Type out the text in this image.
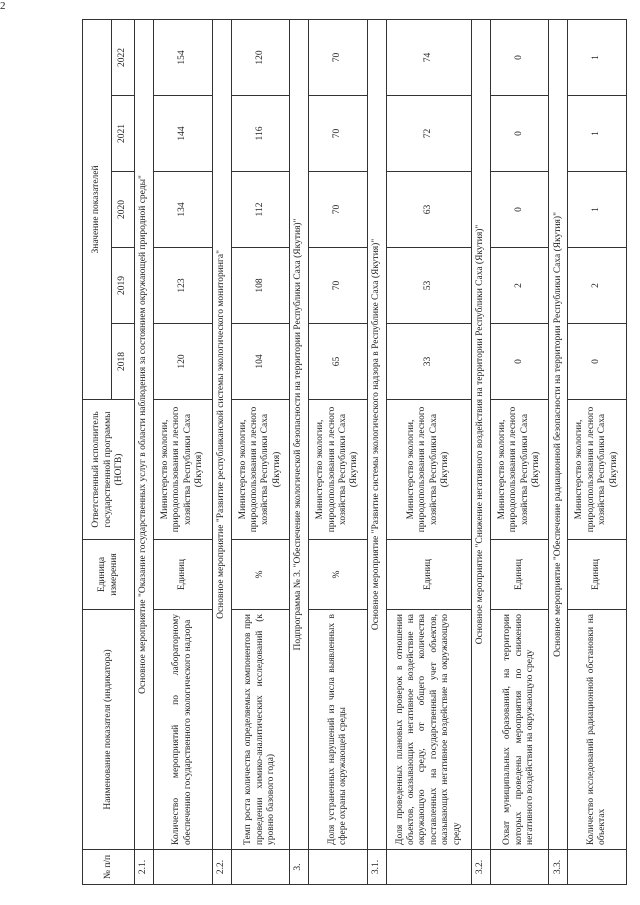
2
№ п/п	Наименование показателя (индикатора)	Единица измерения	Ответственный исполнитель государственной программы (НОГВ)	Значение показателей				
				2018	2019	2020	2021	2022
2.1.	Основное мероприятие "Оказание государственных услуг в области наблюдения за состоянием окружающей природной среды"							
	Количество мероприятий по лабораторному обеспечению государственного экологического надзора	Единиц	Министерство экологии, природопользования и лесного хозяйства Республики Саха (Якутия)	120	123	134	144	154
2.2.	Основное мероприятие "Развитие республиканской системы экологического мониторинга"							
	Темп роста количества определяемых компонентов при проведении химико-аналитических исследований (к уровню базового года)	%	Министерство экологии, природопользования и лесного хозяйства Республики Саха (Якутия)	104	108	112	116	120
3.	Подпрограмма № 3. "Обеспечение экологической безопасности на территории Республики Саха (Якутия)"							
	Доля устраненных нарушений из числа выявленных в сфере охраны окружающей среды	%	Министерство экологии, природопользования и лесного хозяйства Республики Саха (Якутия)	65	70	70	70	70
3.1.	Основное мероприятие "Развитие системы экологического надзора в Республике Саха (Якутия)"							
	Доля проведенных плановых проверок в отношении объектов, оказывающих негативное воздействие на окружающую среду, от общего количества поставленных на государственный учет объектов, оказывающих негативное воздействие на окружающую среду	Единиц	Министерство экологии, природопользования и лесного хозяйства Республики Саха (Якутия)	33	53	63	72	74
3.2.	Основное мероприятие "Снижение негативного воздействия на территории Республики Саха (Якутия)"							
	Охват муниципальных образований, на территории которых проведены мероприятия по снижению негативного воздействия на окружающую среду	Единиц	Министерство экологии, природопользования и лесного хозяйства Республики Саха (Якутия)	0	2	0	0	0
3.3.	Основное мероприятие "Обеспечение радиационной безопасности на территории Республики Саха (Якутия)"							
	Количество исследований радиационной обстановки на объектах	Единиц	Министерство экологии, природопользования и лесного хозяйства Республики Саха (Якутия)	0	2	1	1	1
